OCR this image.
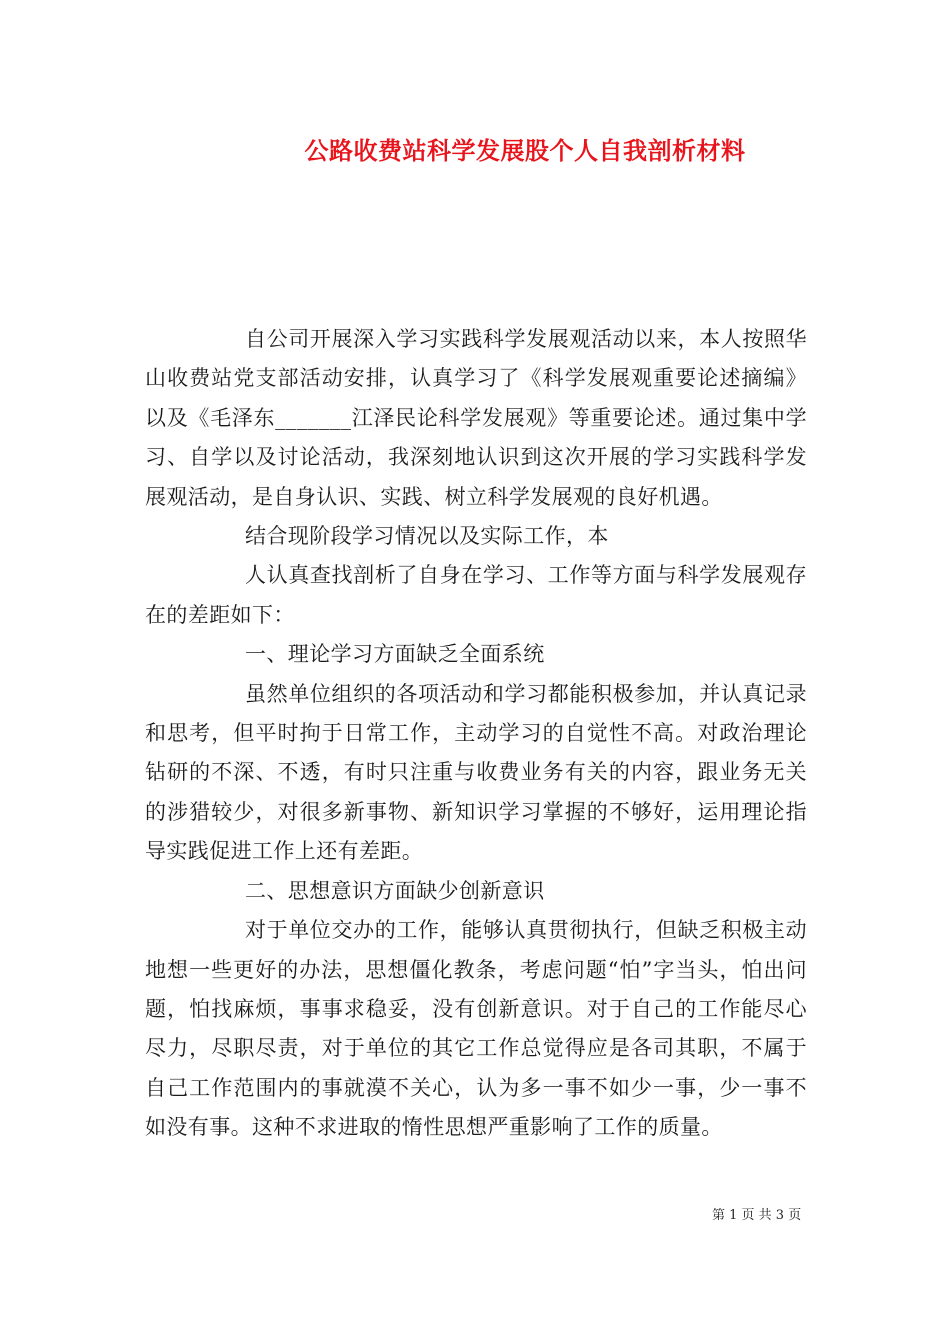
公路收费站科学发展股个人自我剖析材料

自公司开展深入学习实践科学发展观活动以来，本人按照华山收费站党支部活动安排，认真学习了《科学发展观重要论述摘编》以及《毛泽东_______江泽民论科学发展观》等重要论述。通过集中学习、自学以及讨论活动，我深刻地认识到这次开展的学习实践科学发展观活动，是自身认识、实践、树立科学发展观的良好机遇。

结合现阶段学习情况以及实际工作，本

人认真查找剖析了自身在学习、工作等方面与科学发展观存在的差距如下：

一、理论学习方面缺乏全面系统

虽然单位组织的各项活动和学习都能积极参加，并认真记录和思考，但平时拘于日常工作，主动学习的自觉性不高。对政治理论钻研的不深、不透，有时只注重与收费业务有关的内容，跟业务无关的涉猎较少，对很多新事物、新知识学习掌握的不够好，运用理论指导实践促进工作上还有差距。

二、思想意识方面缺少创新意识

对于单位交办的工作，能够认真贯彻执行，但缺乏积极主动地想一些更好的办法，思想僵化教条，考虑问题“怕”字当头，怕出问题，怕找麻烦，事事求稳妥，没有创新意识。对于自己的工作能尽心尽力，尽职尽责，对于单位的其它工作总觉得应是各司其职，不属于自己工作范围内的事就漠不关心，认为多一事不如少一事，少一事不如没有事。这种不求进取的惰性思想严重影响了工作的质量。

第 1 页 共 3 页
